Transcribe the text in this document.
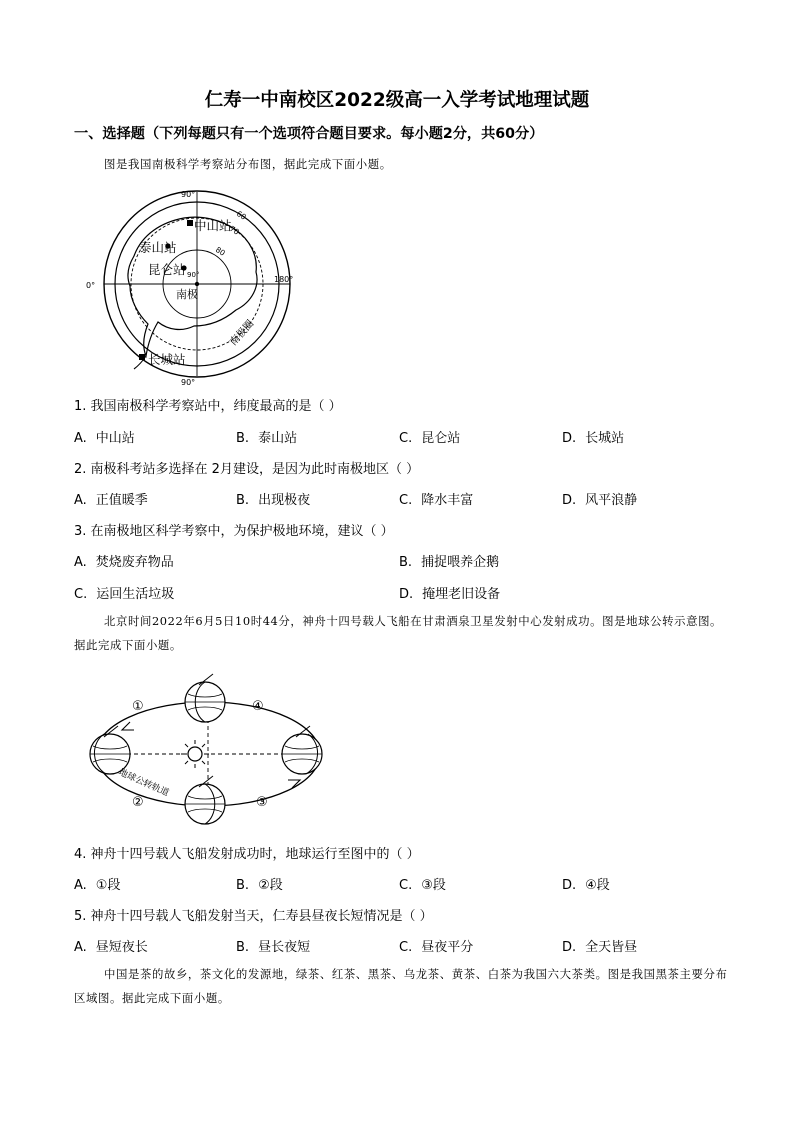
仁寿一中南校区2022级高一入学考试地理试题
一、选择题（下列每题只有一个选项符合题目要求。每小题2分，共60分）
图是我国南极科学考察站分布图，据此完成下面小题。
90°
90°
0°
180°
60
70
80
90°
中山站
泰山站
昆仑站
南极
南极圈
长城站
1. 我国南极科学考察站中，纬度最高的是（ ）
A. 中山站	B. 泰山站	C. 昆仑站	D. 长城站
2. 南极科考站多选择在 2月建设，是因为此时南极地区（ ）
A. 正值暖季	B. 出现极夜	C. 降水丰富	D. 风平浪静
3. 在南极地区科学考察中，为保护极地环境，建议（ ）
A. 焚烧废弃物品	B. 捕捉喂养企鹅
C. 运回生活垃圾	D. 掩埋老旧设备
北京时间2022年6月5日10时44分，神舟十四号载人飞船在甘肃酒泉卫星发射中心发射成功。图是地球公转示意图。据此完成下面小题。
①
②	③
④
地球公转轨道
4. 神舟十四号载人飞船发射成功时，地球运行至图中的（ ）
A. ①段	B. ②段	C. ③段	D. ④段
5. 神舟十四号载人飞船发射当天，仁寿县昼夜长短情况是（ ）
A. 昼短夜长	B. 昼长夜短	C. 昼夜平分	D. 全天皆昼
中国是茶的故乡，茶文化的发源地，绿茶、红茶、黑茶、乌龙茶、黄茶、白茶为我国六大茶类。图是我国黑茶主要分布区域图。据此完成下面小题。
